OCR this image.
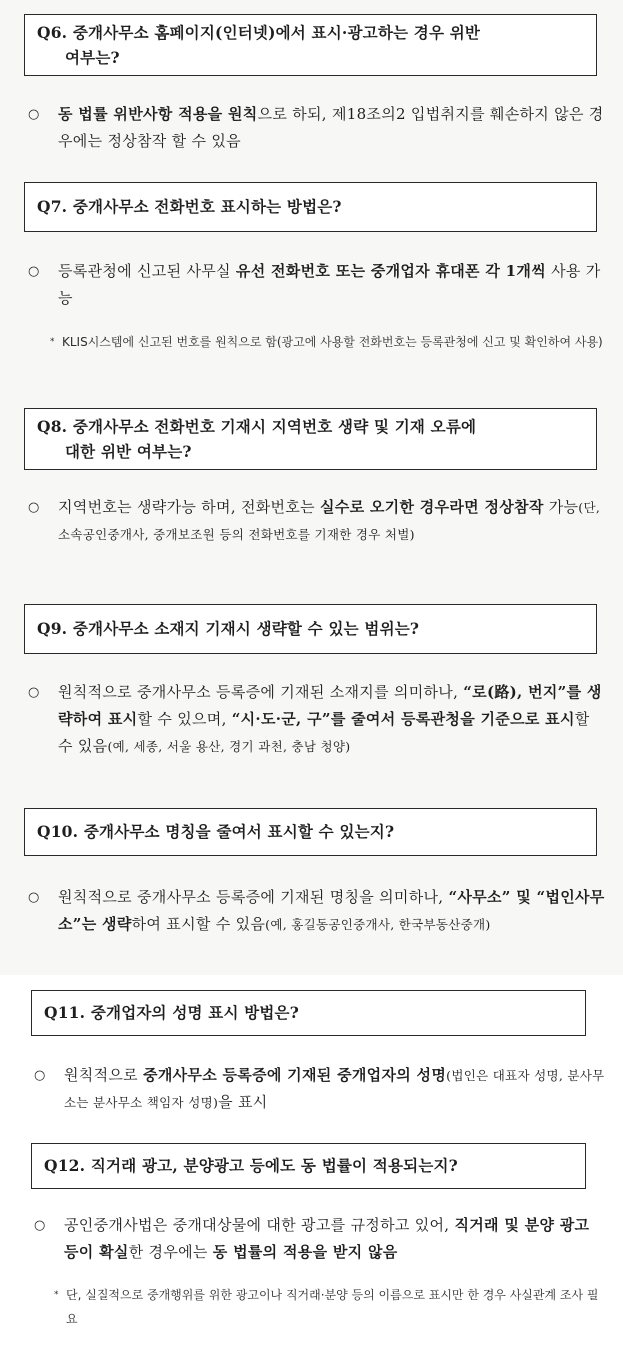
Q6. 중개사무소 홈페이지(인터넷)에서 표시·광고하는 경우 위반
여부는?
○	동 법률 위반사항 적용을 원칙으로 하되, 제18조의2 입법취지를 훼손하지 않은 경우에는 정상참작 할 수 있음
Q7. 중개사무소 전화번호 표시하는 방법은?
○	등록관청에 신고된 사무실 유선 전화번호 또는 중개업자 휴대폰 각 1개씩 사용 가능
* KLIS시스템에 신고된 번호를 원칙으로 함(광고에 사용할 전화번호는 등록관청에 신고 및 확인하여 사용)
Q8. 중개사무소 전화번호 기재시 지역번호 생략 및 기재 오류에
대한 위반 여부는?
○	지역번호는 생략가능 하며, 전화번호는 실수로 오기한 경우라면 정상참작 가능(단, 소속공인중개사, 중개보조원 등의 전화번호를 기재한 경우 처벌)
Q9. 중개사무소 소재지 기재시 생략할 수 있는 범위는?
○	원칙적으로 중개사무소 등록증에 기재된 소재지를 의미하나, “로(路), 번지”를 생략하여 표시할 수 있으며, “시·도·군, 구”를 줄여서 등록관청을 기준으로 표시할 수 있음(예, 세종, 서울 용산, 경기 과천, 충남 청양)
Q10. 중개사무소 명칭을 줄여서 표시할 수 있는지?
○	원칙적으로 중개사무소 등록증에 기재된 명칭을 의미하나, “사무소” 및 “법인사무소”는 생략하여 표시할 수 있음(예, 홍길동공인중개사, 한국부동산중개)
Q11. 중개업자의 성명 표시 방법은?
○	원칙적으로 중개사무소 등록증에 기재된 중개업자의 성명(법인은 대표자 성명, 분사무소는 분사무소 책임자 성명)을 표시
Q12. 직거래 광고, 분양광고 등에도 동 법률이 적용되는지?
○	공인중개사법은 중개대상물에 대한 광고를 규정하고 있어, 직거래 및 분양 광고 등이 확실한 경우에는 동 법률의 적용을 받지 않음
* 단, 실질적으로 중개행위를 위한 광고이나 직거래·분양 등의 이름으로 표시만 한 경우 사실관계 조사 필요
